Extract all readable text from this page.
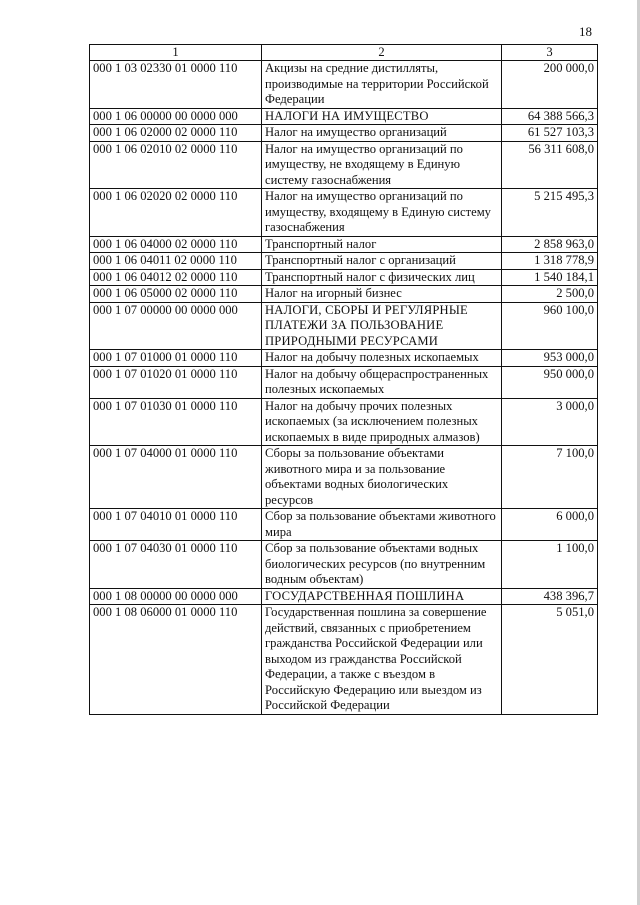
18
1	2	3
000 1 03 02330 01 0000 110	Акцизы на средние дистилляты, производимые на территории Российской Федерации	200 000,0
000 1 06 00000 00 0000 000	НАЛОГИ НА ИМУЩЕСТВО	64 388 566,3
000 1 06 02000 02 0000 110	Налог на имущество организаций	61 527 103,3
000 1 06 02010 02 0000 110	Налог на имущество организаций по имуществу, не входящему в Единую систему газоснабжения	56 311 608,0
000 1 06 02020 02 0000 110	Налог на имущество организаций по имуществу, входящему в Единую систему газоснабжения	5 215 495,3
000 1 06 04000 02 0000 110	Транспортный налог	2 858 963,0
000 1 06 04011 02 0000 110	Транспортный налог с организаций	1 318 778,9
000 1 06 04012 02 0000 110	Транспортный налог с физических лиц	1 540 184,1
000 1 06 05000 02 0000 110	Налог на игорный бизнес	2 500,0
000 1 07 00000 00 0000 000	НАЛОГИ, СБОРЫ И РЕГУЛЯРНЫЕ ПЛАТЕЖИ ЗА ПОЛЬЗОВАНИЕ ПРИРОДНЫМИ РЕСУРСАМИ	960 100,0
000 1 07 01000 01 0000 110	Налог на добычу полезных ископаемых	953 000,0
000 1 07 01020 01 0000 110	Налог на добычу общераспространенных полезных ископаемых	950 000,0
000 1 07 01030 01 0000 110	Налог на добычу прочих полезных ископаемых (за исключением полезных ископаемых в виде природных алмазов)	3 000,0
000 1 07 04000 01 0000 110	Сборы за пользование объектами животного мира и за пользование объектами водных биологических ресурсов	7 100,0
000 1 07 04010 01 0000 110	Сбор за пользование объектами животного мира	6 000,0
000 1 07 04030 01 0000 110	Сбор за пользование объектами водных биологических ресурсов (по внутренним водным объектам)	1 100,0
000 1 08 00000 00 0000 000	ГОСУДАРСТВЕННАЯ ПОШЛИНА	438 396,7
000 1 08 06000 01 0000 110	Государственная пошлина за совершение действий, связанных с приобретением гражданства Российской Федерации или выходом из гражданства Российской Федерации, а также с въездом в Российскую Федерацию или выездом из Российской Федерации	5 051,0
